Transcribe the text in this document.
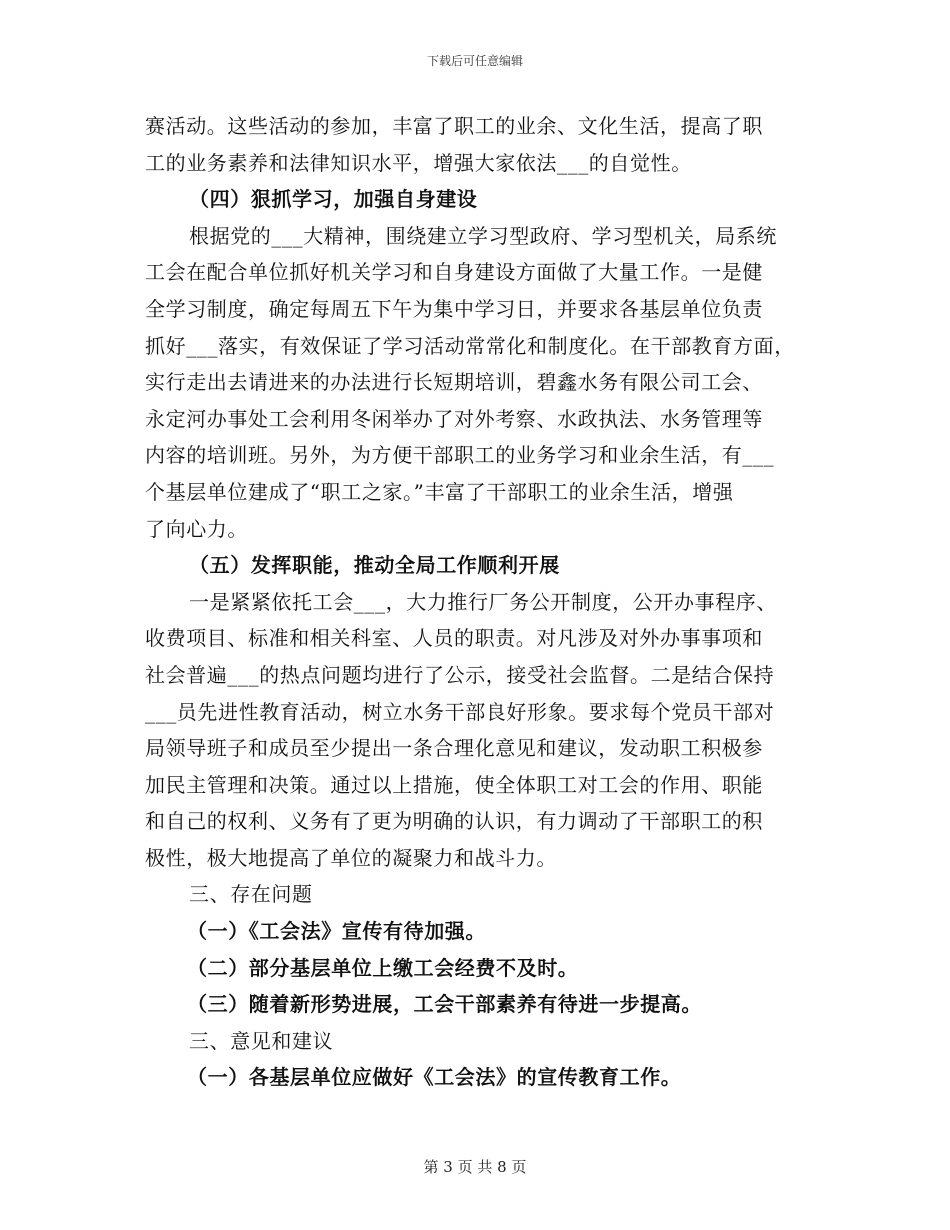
下载后可任意编辑
赛活动。这些活动的参加，丰富了职工的业余、文化生活，提高了职
工的业务素养和法律知识水平，增强大家依法___的自觉性。
（四）狠抓学习，加强自身建设
根据党的___大精神，围绕建立学习型政府、学习型机关，局系统
工会在配合单位抓好机关学习和自身建设方面做了大量工作。一是健
全学习制度，确定每周五下午为集中学习日，并要求各基层单位负责
抓好___落实，有效保证了学习活动常常化和制度化。在干部教育方面，
实行走出去请进来的办法进行长短期培训，碧鑫水务有限公司工会、
永定河办事处工会利用冬闲举办了对外考察、水政执法、水务管理等
内容的培训班。另外，为方便干部职工的业务学习和业余生活，有___
个基层单位建成了“职工之家。”丰富了干部职工的业余生活，增强
了向心力。
（五）发挥职能，推动全局工作顺利开展
一是紧紧依托工会___，大力推行厂务公开制度，公开办事程序、
收费项目、标准和相关科室、人员的职责。对凡涉及对外办事事项和
社会普遍___的热点问题均进行了公示，接受社会监督。二是结合保持
___员先进性教育活动，树立水务干部良好形象。要求每个党员干部对
局领导班子和成员至少提出一条合理化意见和建议，发动职工积极参
加民主管理和决策。通过以上措施，使全体职工对工会的作用、职能
和自己的权利、义务有了更为明确的认识，有力调动了干部职工的积
极性，极大地提高了单位的凝聚力和战斗力。
三、存在问题
（一）《工会法》宣传有待加强。
（二）部分基层单位上缴工会经费不及时。
（三）随着新形势进展，工会干部素养有待进一步提高。
三、意见和建议
（一）各基层单位应做好《工会法》的宣传教育工作。
第 3 页 共 8 页
